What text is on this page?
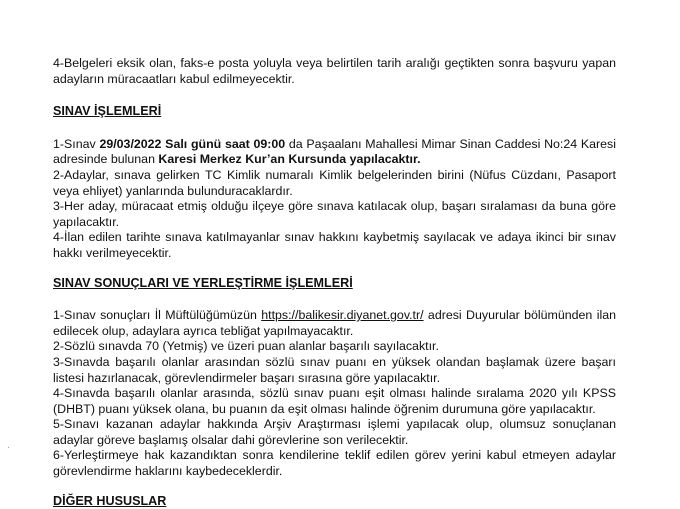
.

4-Belgeleri eksik olan, faks-e posta yoluyla veya belirtilen tarih aralığı geçtikten sonra başvuru yapan adayların müracaatları kabul edilmeyecektir.

SINAV İŞLEMLERİ

1-Sınav 29/03/2022 Salı günü saat 09:00 da Paşaalanı Mahallesi Mimar Sinan Caddesi No:24 Karesi adresinde bulunan Karesi Merkez Kur’an Kursunda yapılacaktır.

2-Adaylar, sınava gelirken TC Kimlik numaralı Kimlik belgelerinden birini (Nüfus Cüzdanı, Pasaport veya ehliyet) yanlarında bulunduracaklardır.

3-Her aday, müracaat etmiş olduğu ilçeye göre sınava katılacak olup, başarı sıralaması da buna göre yapılacaktır.

4-İlan edilen tarihte sınava katılmayanlar sınav hakkını kaybetmiş sayılacak ve adaya ikinci bir sınav hakkı verilmeyecektir.

SINAV SONUÇLARI VE YERLEŞTİRME İŞLEMLERİ

1-Sınav sonuçları İl Müftülüğümüzün https://balikesir.diyanet.gov.tr/ adresi Duyurular bölümünden ilan edilecek olup, adaylara ayrıca tebliğat yapılmayacaktır.

2-Sözlü sınavda 70 (Yetmiş) ve üzeri puan alanlar başarılı sayılacaktır.

3-Sınavda başarılı olanlar arasından sözlü sınav puanı en yüksek olandan başlamak üzere başarı listesi hazırlanacak, görevlendirmeler başarı sırasına göre yapılacaktır.

4-Sınavda başarılı olanlar arasında, sözlü sınav puanı eşit olması halinde sıralama 2020 yılı KPSS (DHBT) puanı yüksek olana, bu puanın da eşit olması halinde öğrenim durumuna göre yapılacaktır.

5-Sınavı kazanan adaylar hakkında Arşiv Araştırması işlemi yapılacak olup, olumsuz sonuçlanan adaylar göreve başlamış olsalar dahi görevlerine son verilecektir.

6-Yerleştirmeye hak kazandıktan sonra kendilerine teklif edilen görev yerini kabul etmeyen adaylar görevlendirme haklarını kaybedeceklerdir.

DİĞER HUSUSLAR
